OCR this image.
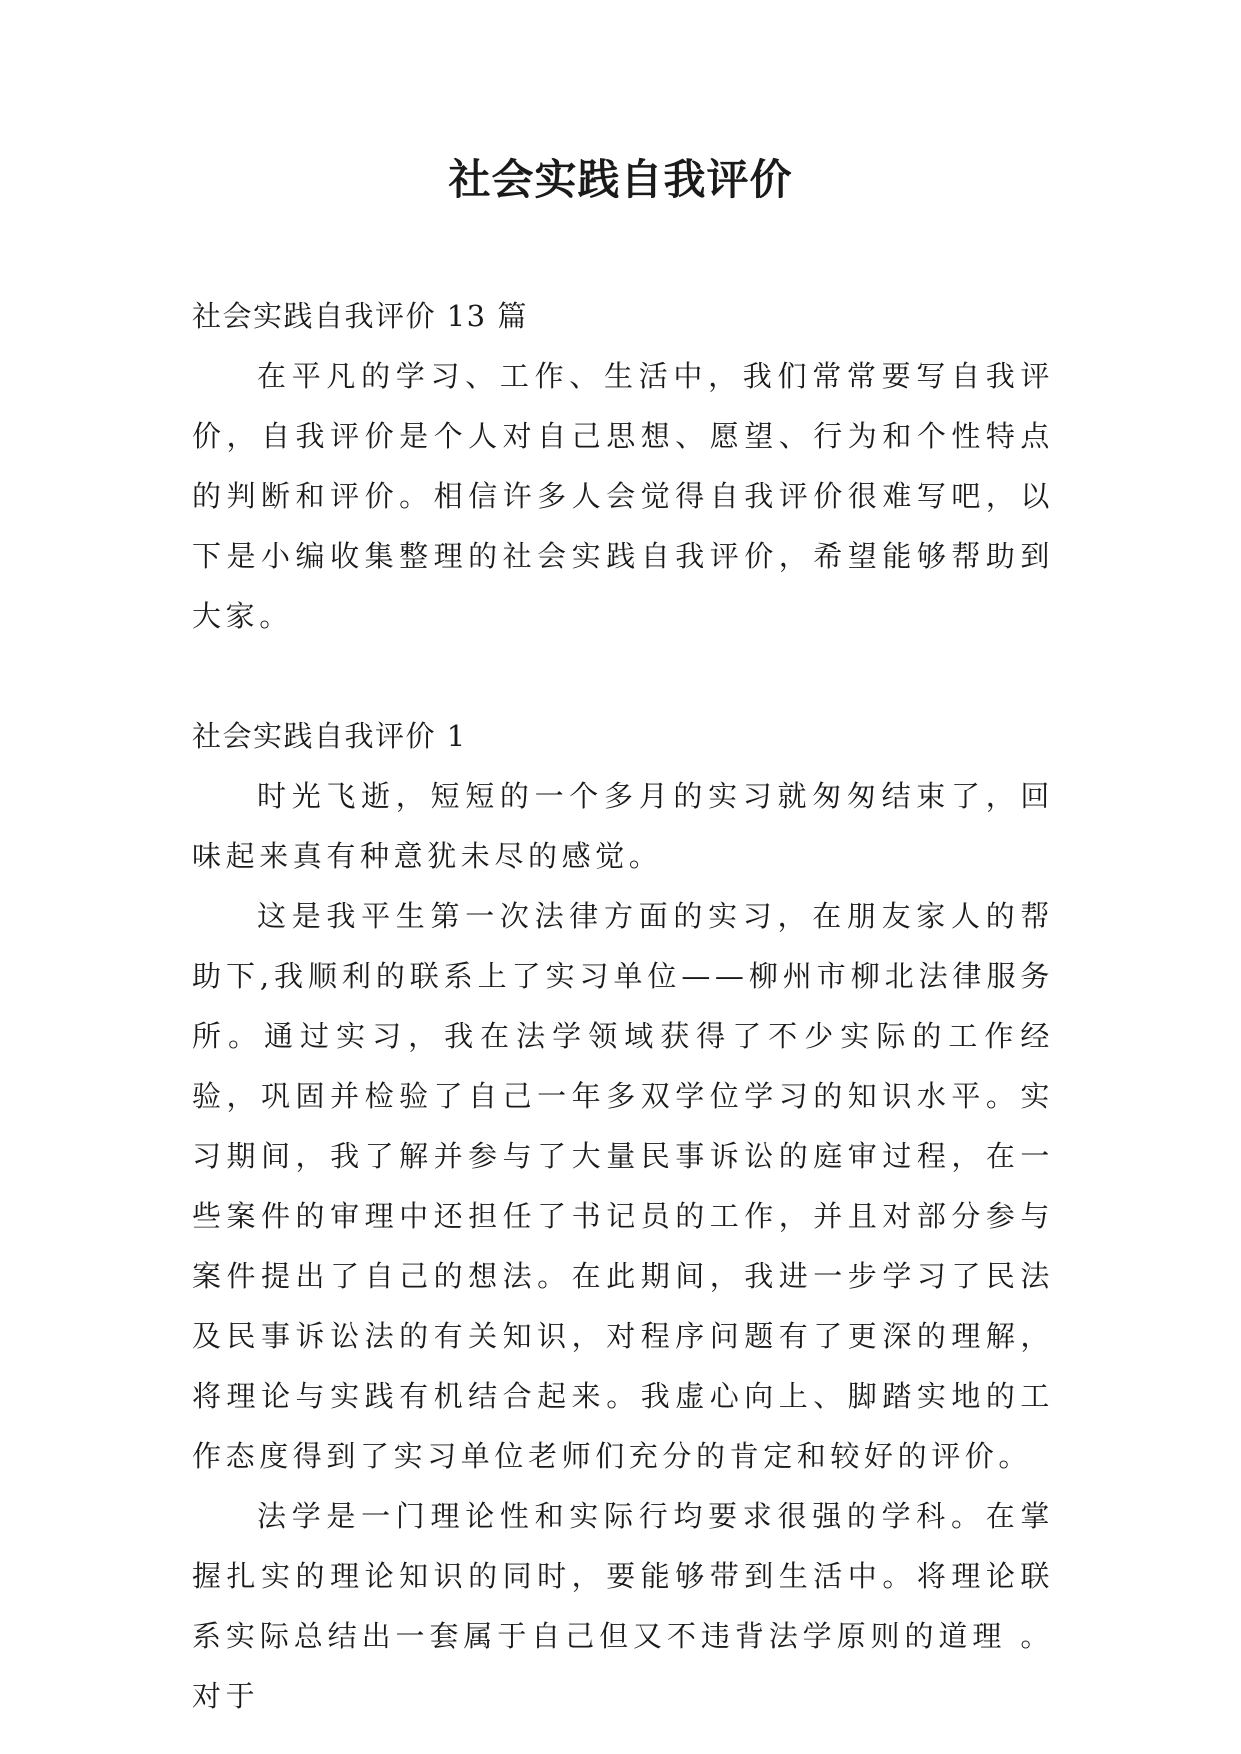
社会实践自我评价

社会实践自我评价 13 篇

在平凡的学习、工作、生活中，我们常常要写自我评价，自我评价是个人对自己思想、愿望、行为和个性特点的判断和评价。相信许多人会觉得自我评价很难写吧，以下是小编收集整理的社会实践自我评价，希望能够帮助到大家。

社会实践自我评价 1

时光飞逝，短短的一个多月的实习就匆匆结束了，回味起来真有种意犹未尽的感觉。

这是我平生第一次法律方面的实习，在朋友家人的帮助下,我顺利的联系上了实习单位——柳州市柳北法律服务所。通过实习，我在法学领域获得了不少实际的工作经验，巩固并检验了自己一年多双学位学习的知识水平。实习期间，我了解并参与了大量民事诉讼的庭审过程，在一些案件的审理中还担任了书记员的工作，并且对部分参与案件提出了自己的想法。在此期间，我进一步学习了民法及民事诉讼法的有关知识，对程序问题有了更深的理解，将理论与实践有机结合起来。我虚心向上、脚踏实地的工作态度得到了实习单位老师们充分的肯定和较好的评价。

法学是一门理论性和实际行均要求很强的学科。在掌握扎实的理论知识的同时，要能够带到生活中。将理论联系实际总结出一套属于自己但又不违背法学原则的道理 。对于
